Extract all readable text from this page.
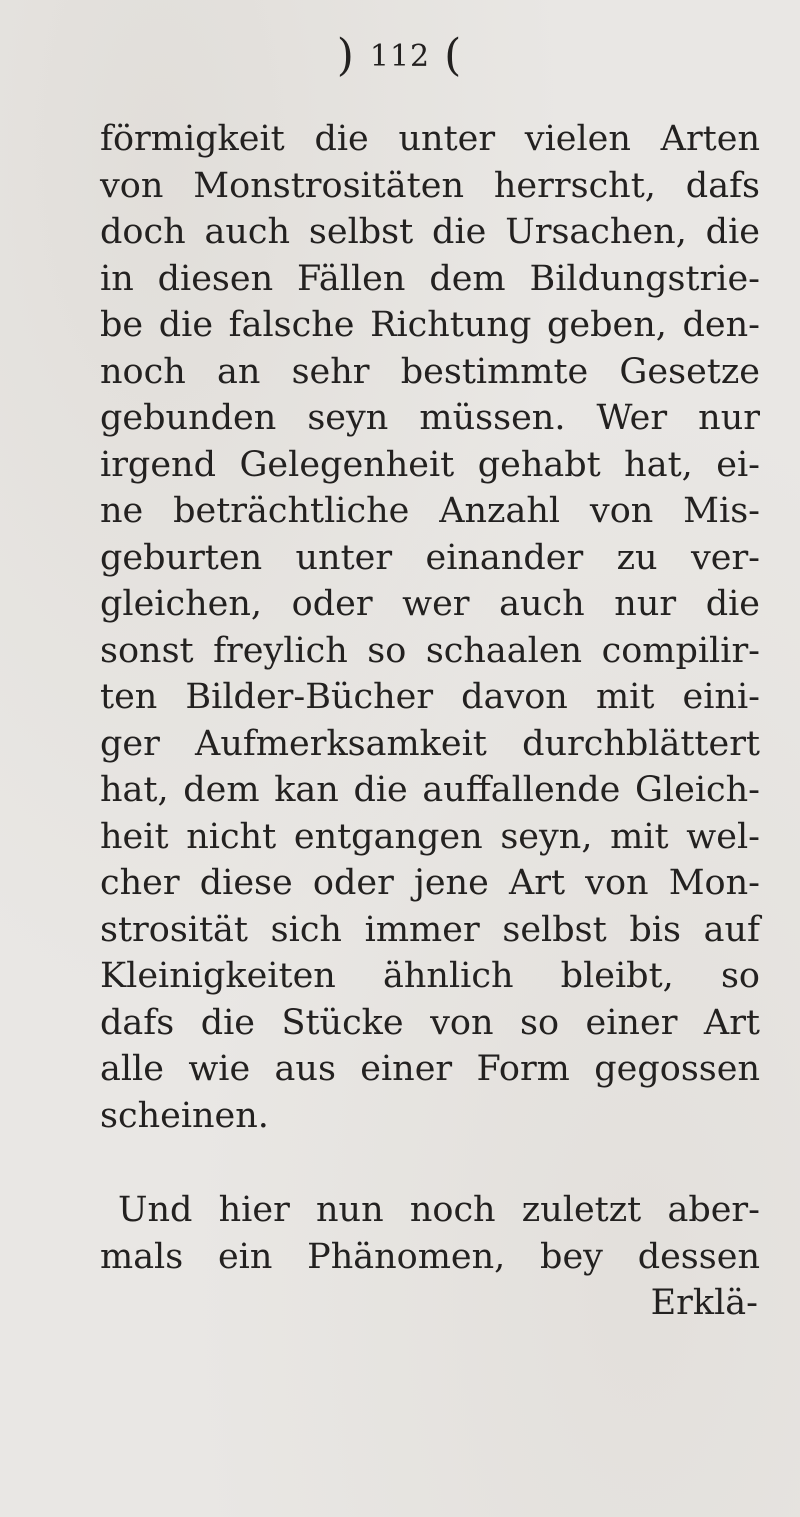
) 112 (

förmigkeit die unter vielen Arten
von Monstrositäten herrscht, dafs
doch auch selbst die Ursachen, die
in diesen Fällen dem Bildungstrie-
be die falsche Richtung geben, den-
noch an sehr bestimmte Gesetze
gebunden seyn müssen. Wer nur
irgend Gelegenheit gehabt hat, ei-
ne beträchtliche Anzahl von Mis-
geburten unter einander zu ver-
gleichen, oder wer auch nur die
sonst freylich so schaalen compilir-
ten Bilder-Bücher davon mit eini-
ger Aufmerksamkeit durchblättert
hat, dem kan die auffallende Gleich-
heit nicht entgangen seyn, mit wel-
cher diese oder jene Art von Mon-
strosität sich immer selbst bis auf
Kleinigkeiten ähnlich bleibt, so
dafs die Stücke von so einer Art
alle wie aus einer Form gegossen
scheinen.

Und hier nun noch zuletzt aber-
mals ein Phänomen, bey dessen

Erklä-
